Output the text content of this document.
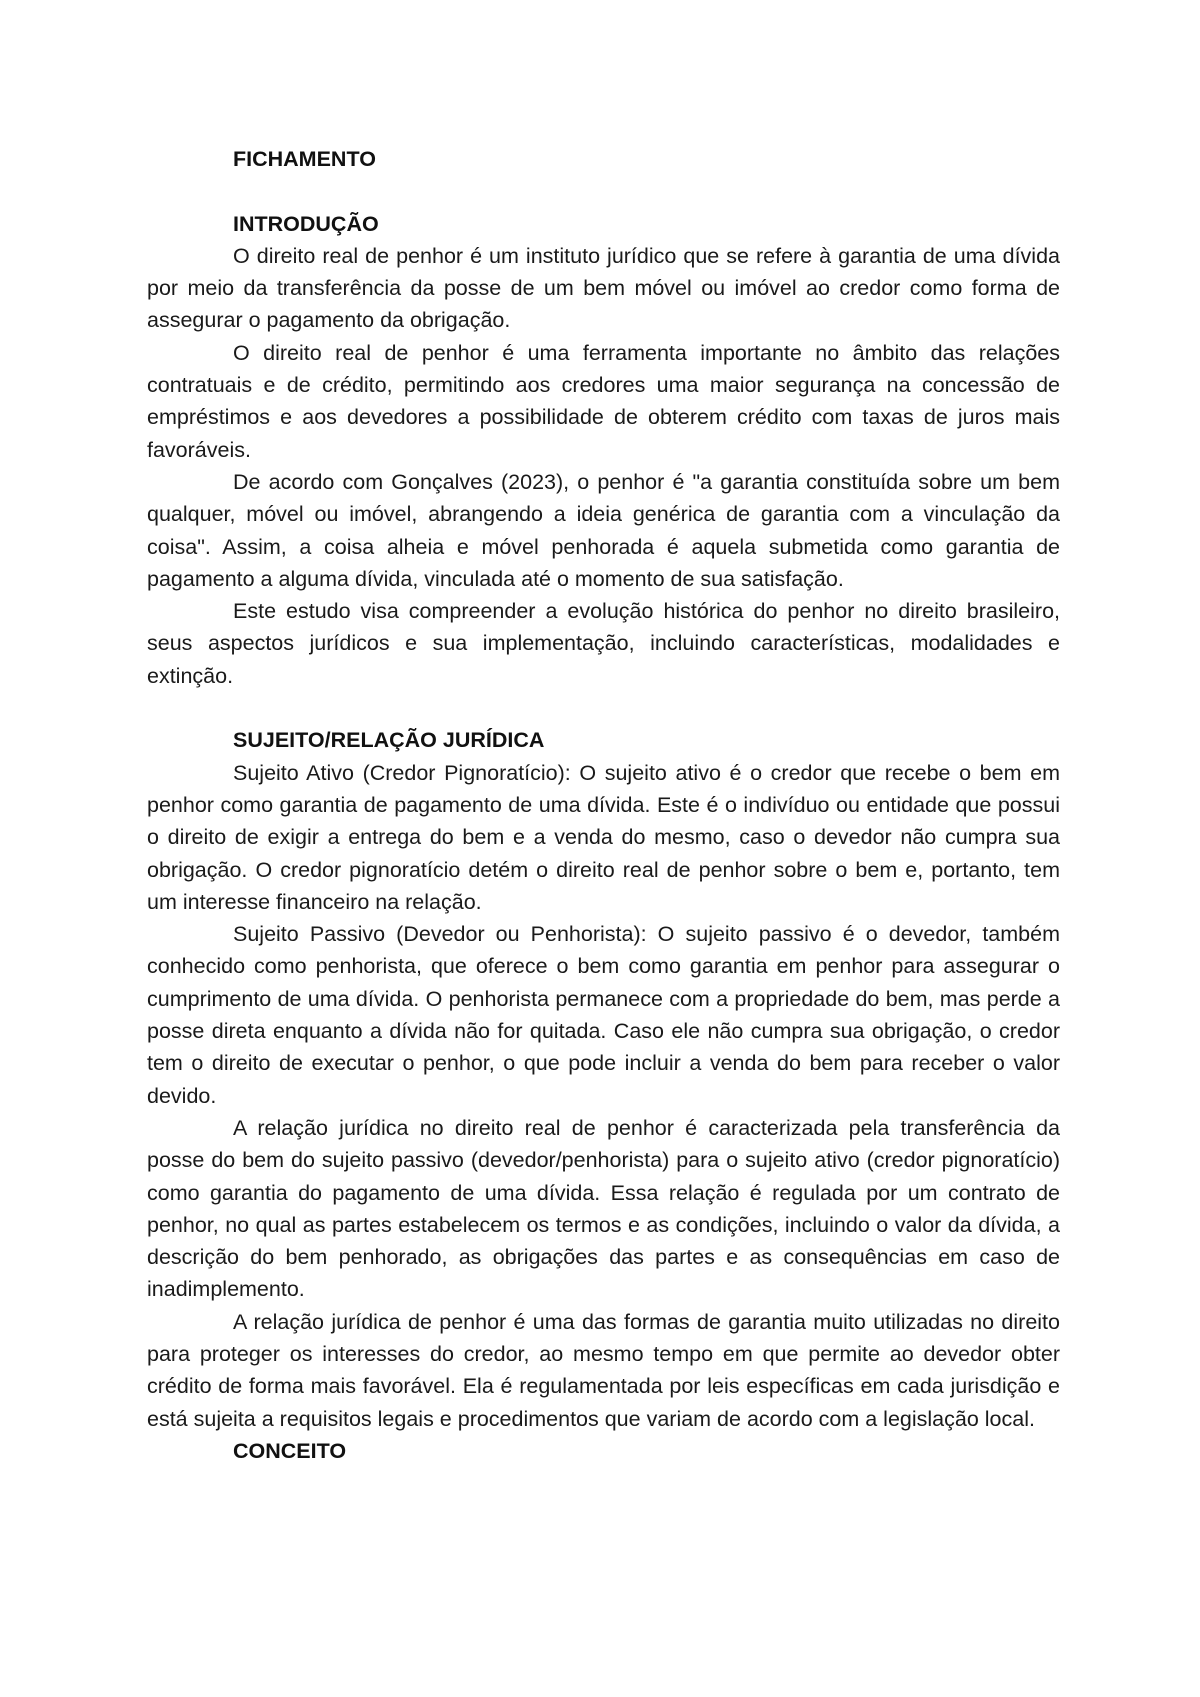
FICHAMENTO
INTRODUÇÃO

O direito real de penhor é um instituto jurídico que se refere à garantia de uma dívida por meio da transferência da posse de um bem móvel ou imóvel ao credor como forma de assegurar o pagamento da obrigação.

O direito real de penhor é uma ferramenta importante no âmbito das relações contratuais e de crédito, permitindo aos credores uma maior segurança na concessão de empréstimos e aos devedores a possibilidade de obterem crédito com taxas de juros mais favoráveis.

De acordo com Gonçalves (2023), o penhor é "a garantia constituída sobre um bem qualquer, móvel ou imóvel, abrangendo a ideia genérica de garantia com a vinculação da coisa". Assim, a coisa alheia e móvel penhorada é aquela submetida como garantia de pagamento a alguma dívida, vinculada até o momento de sua satisfação.

Este estudo visa compreender a evolução histórica do penhor no direito brasileiro, seus aspectos jurídicos e sua implementação, incluindo características, modalidades e extinção.

SUJEITO/RELAÇÃO JURÍDICA

Sujeito Ativo (Credor Pignoratício): O sujeito ativo é o credor que recebe o bem em penhor como garantia de pagamento de uma dívida. Este é o indivíduo ou entidade que possui o direito de exigir a entrega do bem e a venda do mesmo, caso o devedor não cumpra sua obrigação. O credor pignoratício detém o direito real de penhor sobre o bem e, portanto, tem um interesse financeiro na relação.

Sujeito Passivo (Devedor ou Penhorista): O sujeito passivo é o devedor, também conhecido como penhorista, que oferece o bem como garantia em penhor para assegurar o cumprimento de uma dívida. O penhorista permanece com a propriedade do bem, mas perde a posse direta enquanto a dívida não for quitada. Caso ele não cumpra sua obrigação, o credor tem o direito de executar o penhor, o que pode incluir a venda do bem para receber o valor devido.

A relação jurídica no direito real de penhor é caracterizada pela transferência da posse do bem do sujeito passivo (devedor/penhorista) para o sujeito ativo (credor pignoratício) como garantia do pagamento de uma dívida. Essa relação é regulada por um contrato de penhor, no qual as partes estabelecem os termos e as condições, incluindo o valor da dívida, a descrição do bem penhorado, as obrigações das partes e as consequências em caso de inadimplemento.

A relação jurídica de penhor é uma das formas de garantia muito utilizadas no direito para proteger os interesses do credor, ao mesmo tempo em que permite ao devedor obter crédito de forma mais favorável. Ela é regulamentada por leis específicas em cada jurisdição e está sujeita a requisitos legais e procedimentos que variam de acordo com a legislação local.

CONCEITO
